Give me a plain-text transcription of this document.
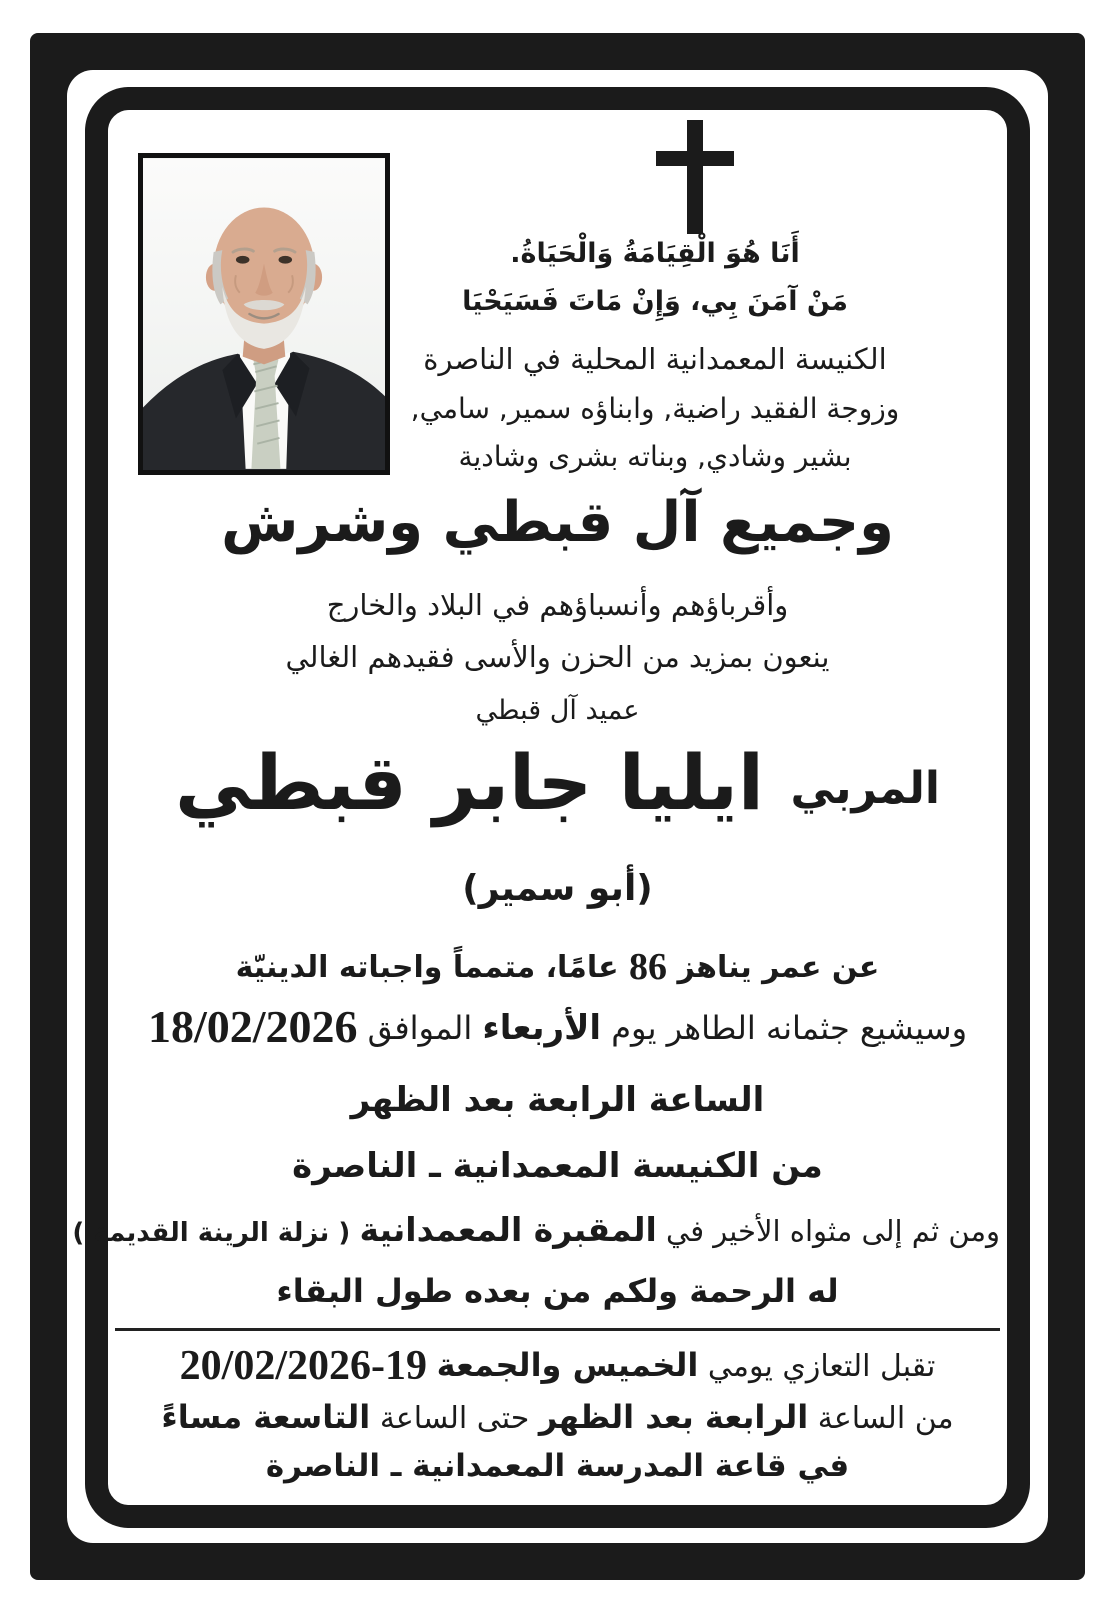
أَنَا هُوَ الْقِيَامَةُ وَالْحَيَاةُ.
مَنْ آمَنَ بِي، وَإِنْ مَاتَ فَسَيَحْيَا
الكنيسة المعمدانية المحلية في الناصرة
وزوجة الفقيد راضية, وابناؤه سمير, سامي,
بشير وشادي, وبناته بشرى وشادية
وجميع آل قبطي وشرش
وأقرباؤهم وأنسباؤهم في البلاد والخارج
ينعون بمزيد من الحزن والأسى فقيدهم الغالي
عميد آل قبطي
المربي ايليا جابر قبطي
(أبو سمير)
عن عمر يناهز 86 عامًا، متمماً واجباته الدينيّة
وسيشيع جثمانه الطاهر يوم الأربعاء الموافق 18/02/2026
الساعة الرابعة بعد الظهر
من الكنيسة المعمدانية ـ الناصرة
ومن ثم إلى مثواه الأخير في المقبرة المعمدانية ( نزلة الرينة القديمة )
له الرحمة ولكم من بعده طول البقاء
تقبل التعازي يومي الخميس والجمعة 19-20/02/2026
من الساعة الرابعة بعد الظهر حتى الساعة التاسعة مساءً
في قاعة المدرسة المعمدانية ـ الناصرة
